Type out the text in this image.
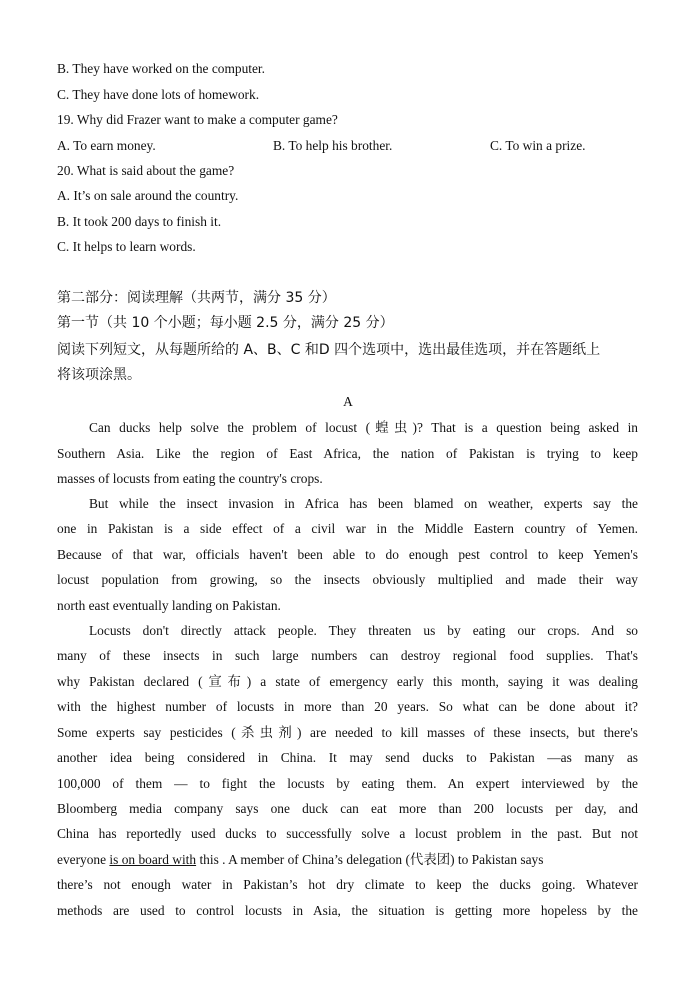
B. They have worked on the computer.
C. They have done lots of homework.
19. Why did Frazer want to make a computer game?
A. To earn money.	B. To help his brother.	C. To win a prize.
20. What is said about the game?
A. It’s on sale around the country.
B. It took 200 days to finish it.
C. It helps to learn words.
第二部分：阅读理解（共两节，满分 35 分）
第一节（共 10 个小题；每小题 2.5 分，满分 25 分）
阅读下列短文，从每题所给的 A、B、C 和D 四个选项中，选出最佳选项，并在答题纸上
将该项涂黑。
A
Can ducks help solve the problem of locust (蝗虫)? That is a question being asked in
Southern Asia. Like the region of East Africa, the nation of Pakistan is trying to keep
masses of locusts from eating the country's crops.
But while the insect invasion in Africa has been blamed on weather, experts say the
one in Pakistan is a side effect of a civil war in the Middle Eastern country of Yemen.
Because of that war, officials haven't been able to do enough pest control to keep Yemen's
locust population from growing, so the insects obviously multiplied and made their way
north east eventually landing on Pakistan.
Locusts don't directly attack people. They threaten us by eating our crops. And so
many of these insects in such large numbers can destroy regional food supplies. That's
why Pakistan declared (宣布) a state of emergency early this month, saying it was dealing
with the highest number of locusts in more than 20 years. So what can be done about it?
Some experts say pesticides (杀虫剂) are needed to kill masses of these insects, but there's
another idea being considered in China. It may send ducks to Pakistan —as many as
100,000 of them — to fight the locusts by eating them. An expert interviewed by the
Bloomberg media company says one duck can eat more than 200 locusts per day, and
China has reportedly used ducks to successfully solve a locust problem in the past. But not
everyone is on board with this . A member of China’s delegation (代表团) to Pakistan says
there’s not enough water in Pakistan’s hot dry climate to keep the ducks going. Whatever
methods are used to control locusts in Asia, the situation is getting more hopeless by the
